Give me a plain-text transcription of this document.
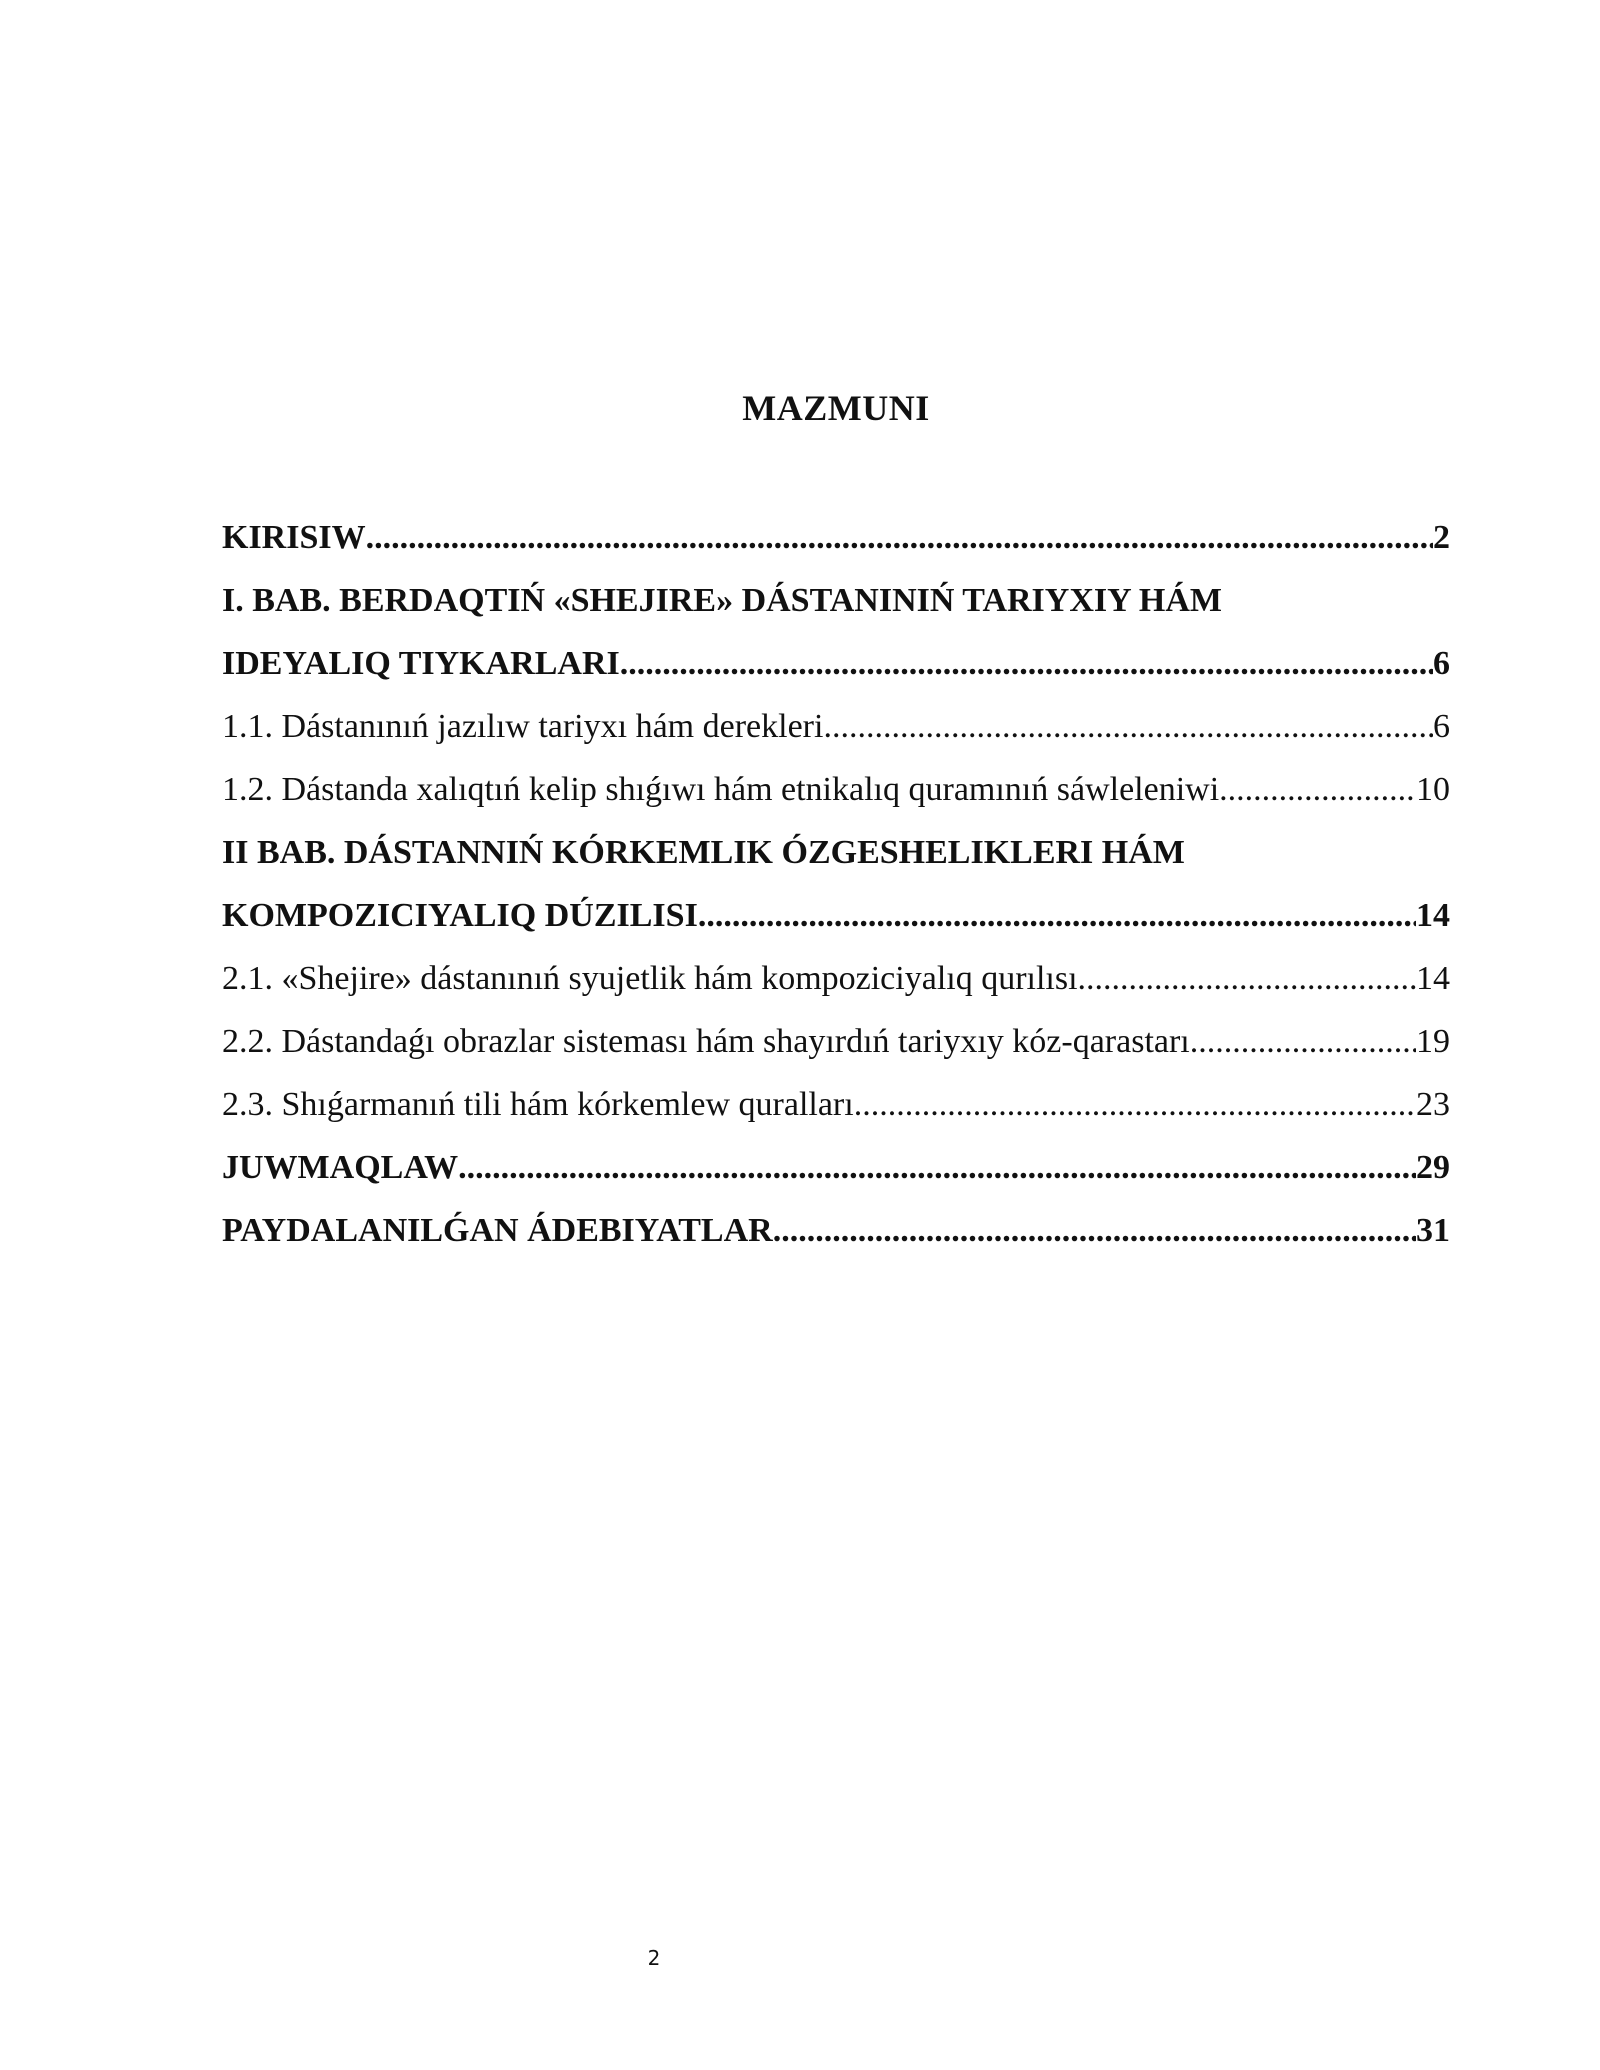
MAZMUNI
KIRISIW .....	2
I. BAB. BERDAQTIŃ «SHEJIRE» DÁSTANINIŃ TARIYXIY HÁM
IDEYALIQ TIYKARLARI .....	6
1.1. Dástanınıń jazılıw tariyxı hám derekleri .....	6
1.2. Dástanda xalıqtıń kelip shıǵıwı hám etnikalıq quramınıń sáwleleniwi .....	10
II BAB. DÁSTANNIŃ KÓRKEMLIK ÓZGESHELIKLERI HÁM
KOMPOZICIYALIQ DÚZILISI .....	14
2.1. «Shejire» dástanınıń syujetlik hám kompoziciyalıq qurılısı .....	14
2.2. Dástandaǵı obrazlar sisteması hám shayırdıń tariyxıy kóz-qarastarı .....	19
2.3. Shıǵarmanıń tili hám kórkemlew quralları .....	23
JUWMAQLAW .....	29
PAYDALANILǴAN ÁDEBIYATLAR .....	31
2
